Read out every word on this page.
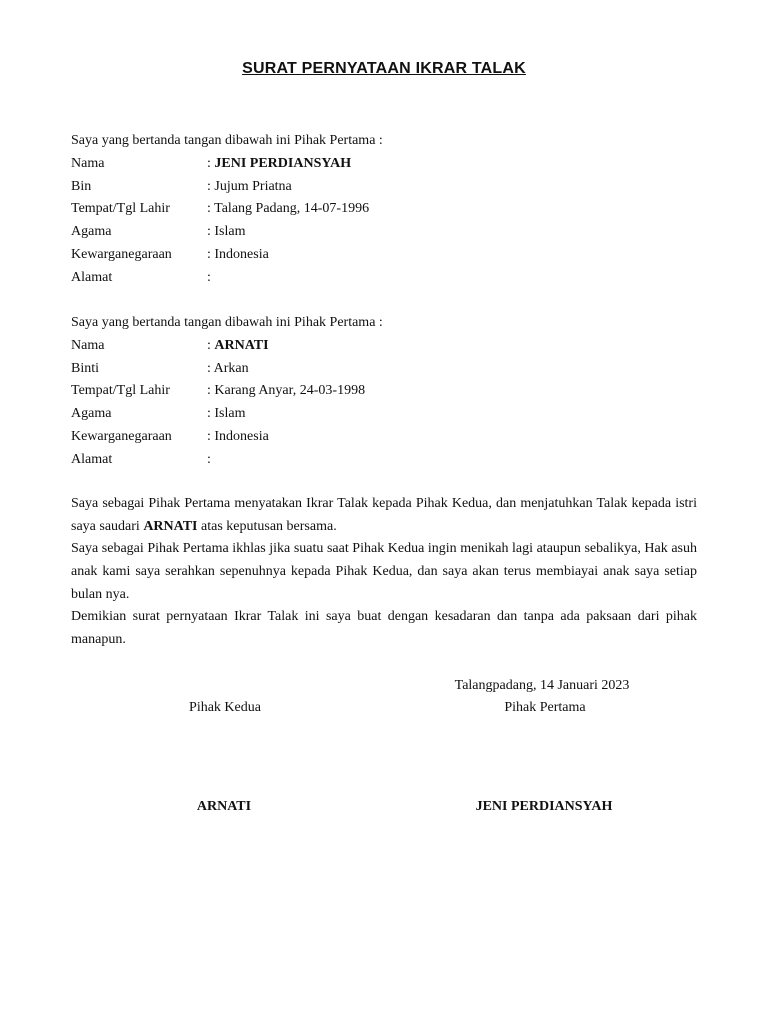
SURAT PERNYATAAN IKRAR TALAK
Saya yang bertanda tangan dibawah ini Pihak Pertama :
Nama	: JENI PERDIANSYAH
Bin	: Jujum Priatna
Tempat/Tgl Lahir	: Talang Padang, 14-07-1996
Agama	: Islam
Kewarganegaraan	: Indonesia
Alamat	:
Saya yang bertanda tangan dibawah ini Pihak Pertama :
Nama	: ARNATI
Binti	: Arkan
Tempat/Tgl Lahir	: Karang Anyar, 24-03-1998
Agama	: Islam
Kewarganegaraan	: Indonesia
Alamat	:
Saya sebagai Pihak Pertama menyatakan Ikrar Talak kepada Pihak Kedua, dan menjatuhkan Talak kepada istri saya saudari ARNATI atas keputusan bersama.
Saya sebagai Pihak Pertama ikhlas jika suatu saat Pihak Kedua ingin menikah lagi ataupun sebalikya, Hak asuh anak kami saya serahkan sepenuhnya kepada Pihak Kedua, dan saya akan terus membiayai anak saya setiap bulan nya.
Demikian surat pernyataan Ikrar Talak ini saya buat dengan kesadaran dan tanpa ada paksaan dari pihak manapun.
Talangpadang, 14 Januari 2023
Pihak Kedua	Pihak Pertama
ARNATI	JENI PERDIANSYAH
